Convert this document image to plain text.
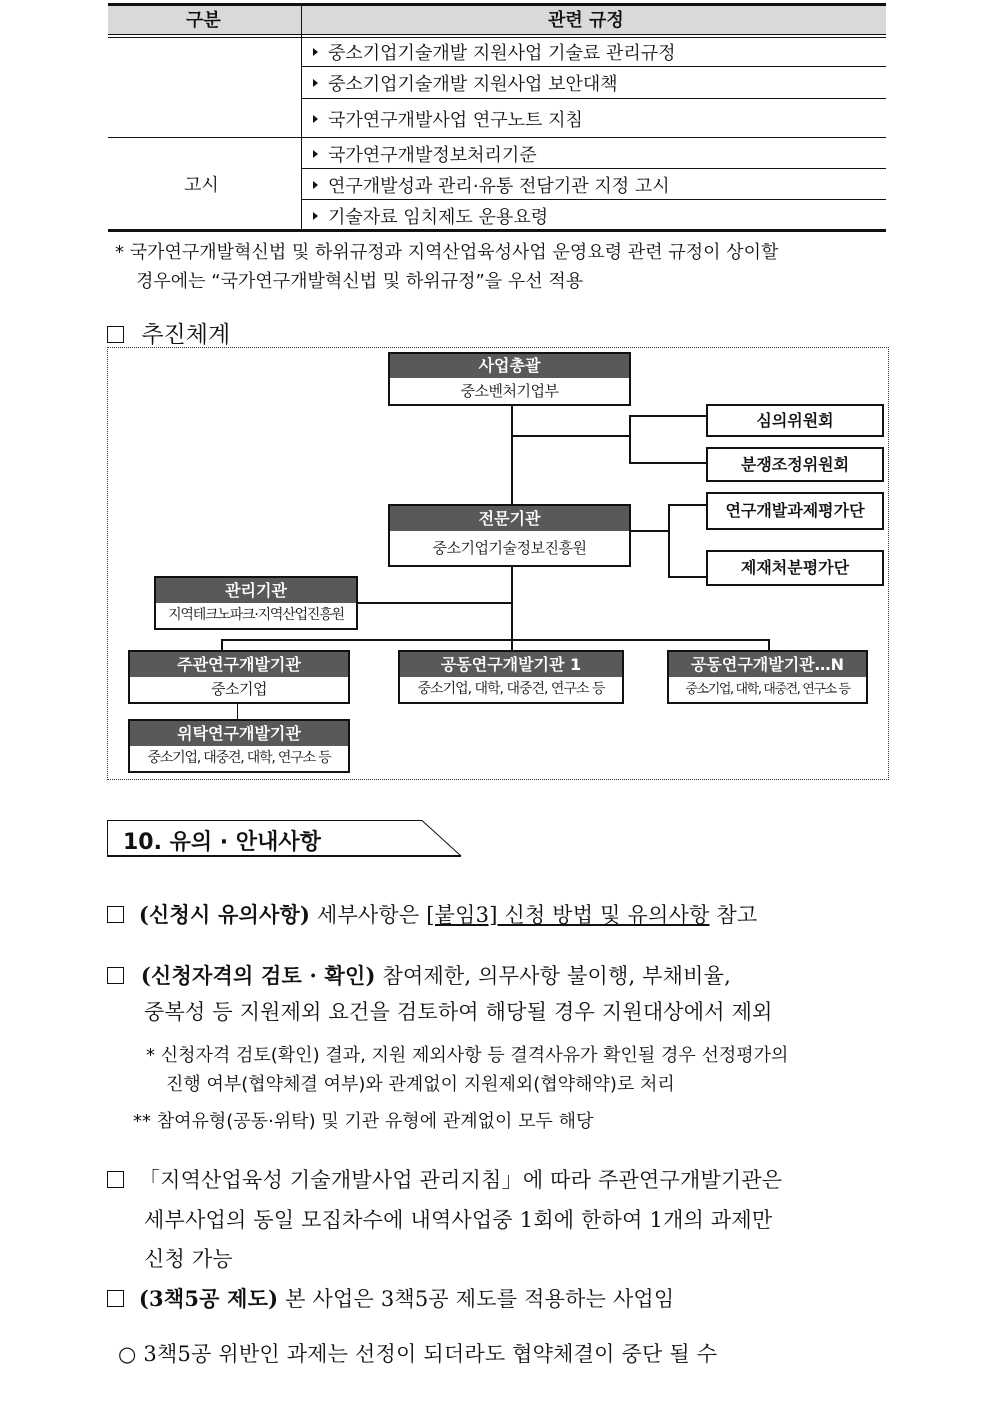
구분	관련 규정
중소기업기술개발 지원사업 기술료 관리규정
중소기업기술개발 지원사업 보안대책
국가연구개발사업 연구노트 지침
고시
국가연구개발정보처리기준
연구개발성과 관리·유통 전담기관 지정 고시
기술자료 임치제도 운용요령
* 국가연구개발혁신법 및 하위규정과 지역산업육성사업 운영요령 관련 규정이 상이할
경우에는 “국가연구개발혁신법 및 하위규정”을 우선 적용
추진체계
사업총괄
중소벤처기업부
심의위원회
분쟁조정위원회
전문기관
중소기업기술정보진흥원
연구개발과제평가단
제재처분평가단
관리기관
지역테크노파크·지역산업진흥원
주관연구개발기관
중소기업
공동연구개발기관 1
중소기업, 대학, 대중견, 연구소 등
공동연구개발기관…N
중소기업, 대학, 대중견, 연구소 등
위탁연구개발기관
중소기업, 대중견, 대학, 연구소 등
10. 유의 · 안내사항
(신청시 유의사항) 세부사항은 [붙임3] 신청 방법 및 유의사항 참고
(신청자격의 검토 · 확인) 참여제한, 의무사항 불이행, 부채비율,
중복성 등 지원제외 요건을 검토하여 해당될 경우 지원대상에서 제외
* 신청자격 검토(확인) 결과, 지원 제외사항 등 결격사유가 확인될 경우 선정평가의
진행 여부(협약체결 여부)와 관계없이 지원제외(협약해약)로 처리
** 참여유형(공동·위탁) 및 기관 유형에 관계없이 모두 해당
「지역산업육성 기술개발사업 관리지침」에 따라 주관연구개발기관은
세부사업의 동일 모집차수에 내역사업중 1회에 한하여 1개의 과제만
신청 가능
(3책5공 제도) 본 사업은 3책5공 제도를 적용하는 사업임
○ 3책5공 위반인 과제는 선정이 되더라도 협약체결이 중단 될 수
